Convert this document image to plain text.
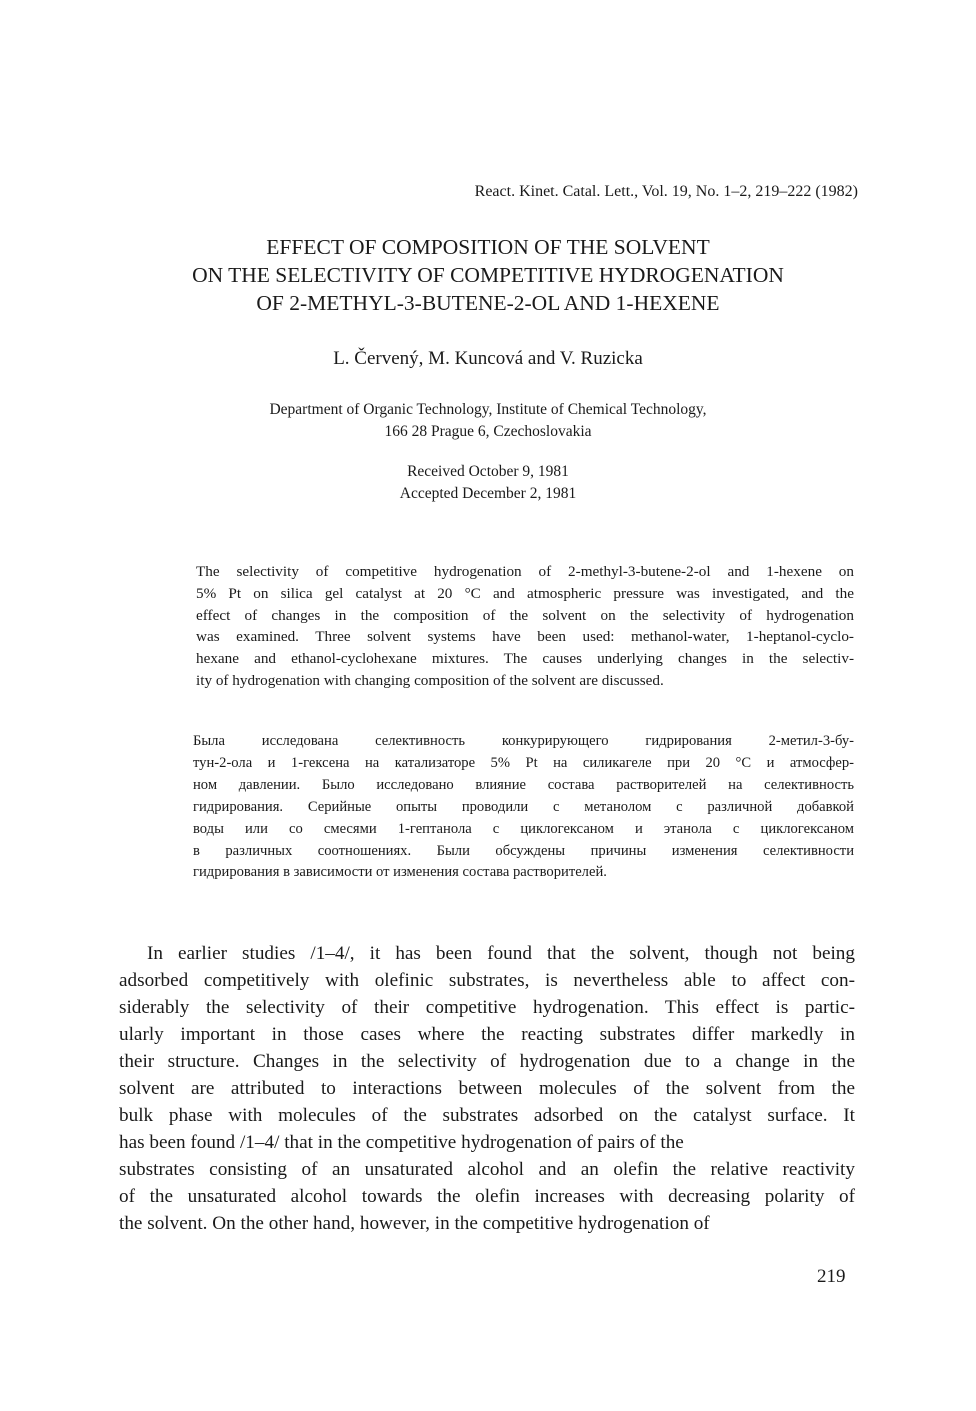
React. Kinet. Catal. Lett., Vol. 19, No. 1–2, 219–222 (1982)
EFFECT OF COMPOSITION OF THE SOLVENT
ON THE SELECTIVITY OF COMPETITIVE HYDROGENATION
OF 2-METHYL-3-BUTENE-2-OL AND 1-HEXENE
L. Červený, M. Kuncová and V. Ruzicka
Department of Organic Technology, Institute of Chemical Technology,
166 28 Prague 6, Czechoslovakia
Received October 9, 1981
Accepted December 2, 1981
The selectivity of competitive hydrogenation of 2-methyl-3-butene-2-ol and 1-hexene on
5% Pt on silica gel catalyst at 20 °C and atmospheric pressure was investigated, and the
effect of changes in the composition of the solvent on the selectivity of hydrogenation
was examined. Three solvent systems have been used: methanol-water, 1-heptanol-cyclo-
hexane and ethanol-cyclohexane mixtures. The causes underlying changes in the selectiv-
ity of hydrogenation with changing composition of the solvent are discussed.
Была исследована селективность конкурирующего гидрирования 2-метил-3-бу-
тун-2-ола и 1-гексена на катализаторе 5% Pt на силикагеле при 20 °C и атмосфер-
ном давлении. Было исследовано влияние состава растворителей на селективность
гидрирования. Серийные опыты проводили с метанолом с различной добавкой
воды или со смесями 1-гептанола с циклогексаном и этанола с циклогексаном
в различных соотношениях. Были обсуждены причины изменения селективности
гидрирования в зависимости от изменения состава растворителей.
In earlier studies /1–4/, it has been found that the solvent, though not being
adsorbed competitively with olefinic substrates, is nevertheless able to affect con-
siderably the selectivity of their competitive hydrogenation. This effect is partic-
ularly important in those cases where the reacting substrates differ markedly in
their structure. Changes in the selectivity of hydrogenation due to a change in the
solvent are attributed to interactions between molecules of the solvent from the
bulk phase with molecules of the substrates adsorbed on the catalyst surface. It
has been found /1–4/ that in the competitive hydrogenation of pairs of the
substrates consisting of an unsaturated alcohol and an olefin the relative reactivity
of the unsaturated alcohol towards the olefin increases with decreasing polarity of
the solvent. On the other hand, however, in the competitive hydrogenation of
219
